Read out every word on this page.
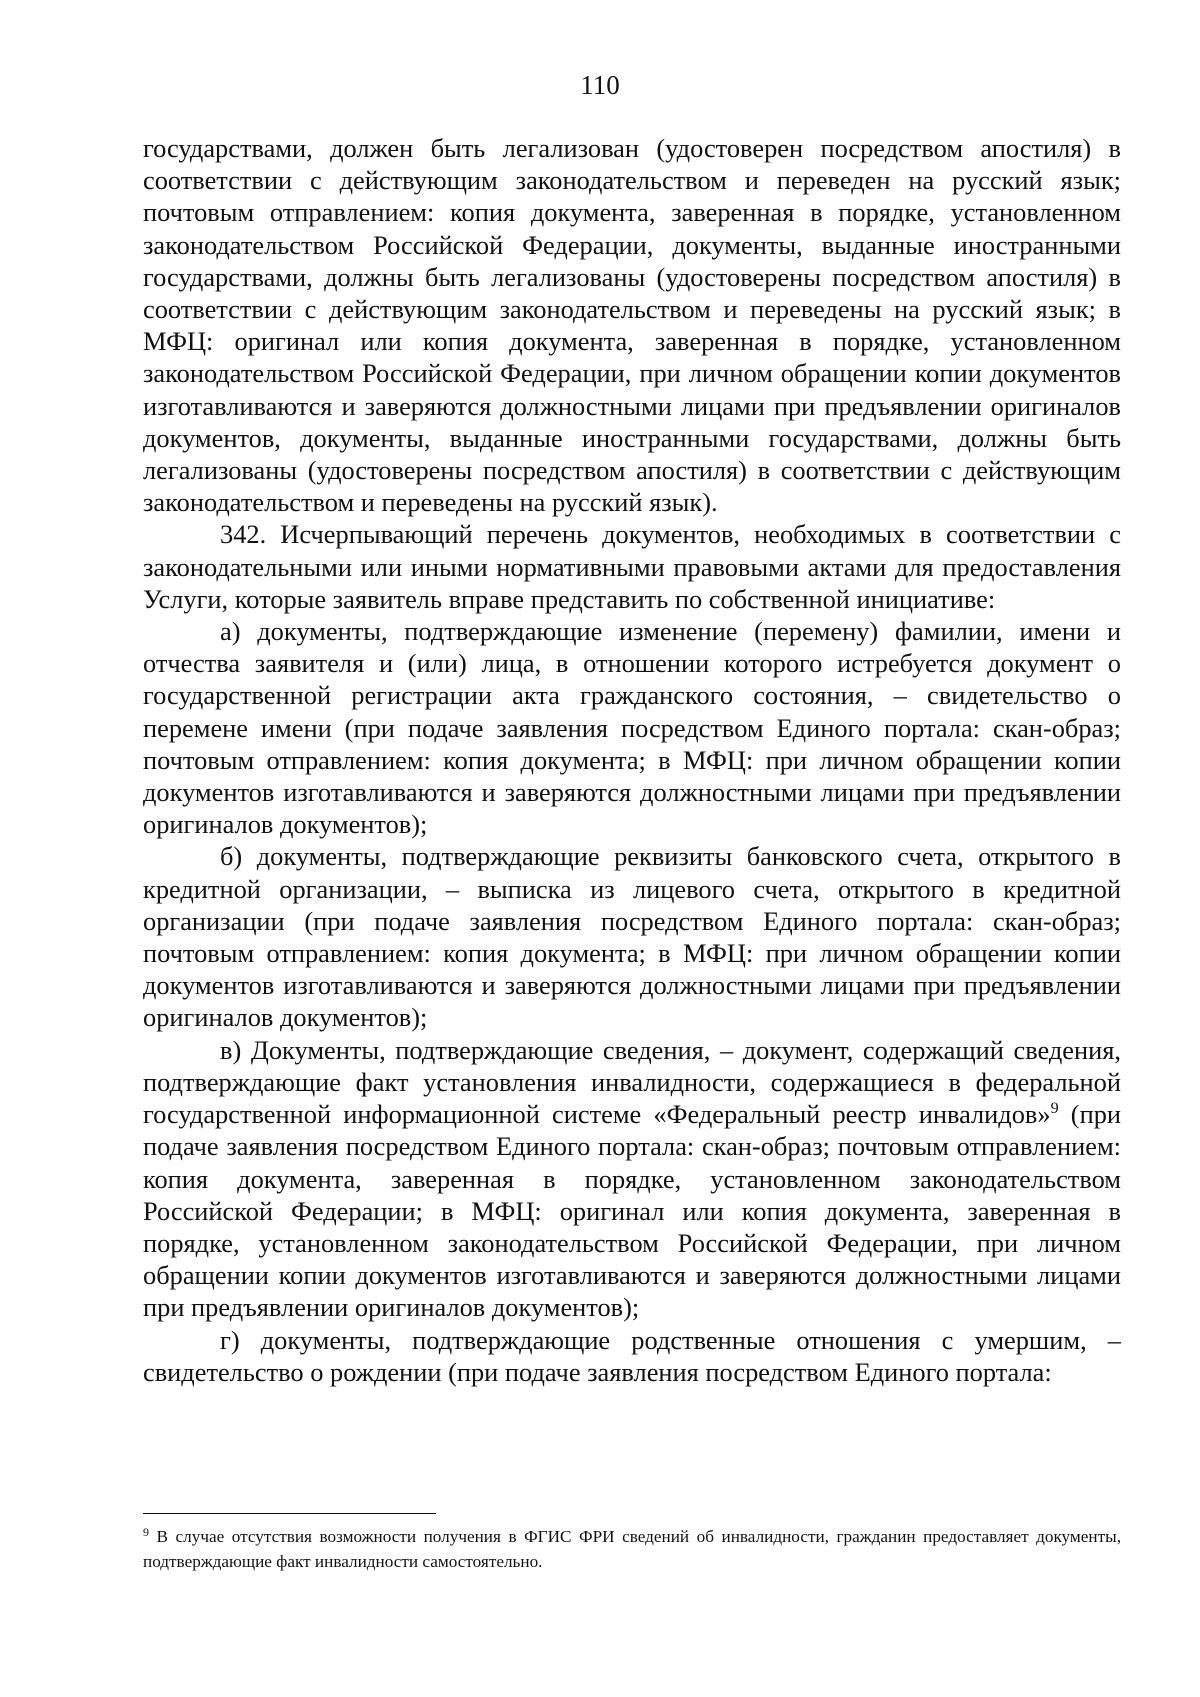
110

государствами, должен быть легализован (удостоверен посредством апостиля) в соответствии с действующим законодательством и переведен на русский язык; почтовым отправлением: копия документа, заверенная в порядке, установленном законодательством Российской Федерации, документы, выданные иностранными государствами, должны быть легализованы (удостоверены посредством апостиля) в соответствии с действующим законодательством и переведены на русский язык; в МФЦ: оригинал или копия документа, заверенная в порядке, установленном законодательством Российской Федерации, при личном обращении копии документов изготавливаются и заверяются должностными лицами при предъявлении оригиналов документов, документы, выданные иностранными государствами, должны быть легализованы (удостоверены посредством апостиля) в соответствии с действующим законодательством и переведены на русский язык).

342. Исчерпывающий перечень документов, необходимых в соответствии с законодательными или иными нормативными правовыми актами для предоставления Услуги, которые заявитель вправе представить по собственной инициативе:

а) документы, подтверждающие изменение (перемену) фамилии, имени и отчества заявителя и (или) лица, в отношении которого истребуется документ о государственной регистрации акта гражданского состояния, – свидетельство о перемене имени (при подаче заявления посредством Единого портала: скан-образ; почтовым отправлением: копия документа; в МФЦ: при личном обращении копии документов изготавливаются и заверяются должностными лицами при предъявлении оригиналов документов);

б) документы, подтверждающие реквизиты банковского счета, открытого в кредитной организации, – выписка из лицевого счета, открытого в кредитной организации (при подаче заявления посредством Единого портала: скан-образ; почтовым отправлением: копия документа; в МФЦ: при личном обращении копии документов изготавливаются и заверяются должностными лицами при предъявлении оригиналов документов);

в) Документы, подтверждающие сведения, – документ, содержащий сведения, подтверждающие факт установления инвалидности, содержащиеся в федеральной государственной информационной системе «Федеральный реестр инвалидов»$^9$ (при подаче заявления посредством Единого портала: скан-образ; почтовым отправлением: копия документа, заверенная в порядке, установленном законодательством Российской Федерации; в МФЦ: оригинал или копия документа, заверенная в порядке, установленном законодательством Российской Федерации, при личном обращении копии документов изготавливаются и заверяются должностными лицами при предъявлении оригиналов документов);

г) документы, подтверждающие родственные отношения с умершим, – свидетельство о рождении (при подаче заявления посредством Единого портала:

$^9$ В случае отсутствия возможности получения в ФГИС ФРИ сведений об инвалидности, гражданин предоставляет документы, подтверждающие факт инвалидности самостоятельно.
